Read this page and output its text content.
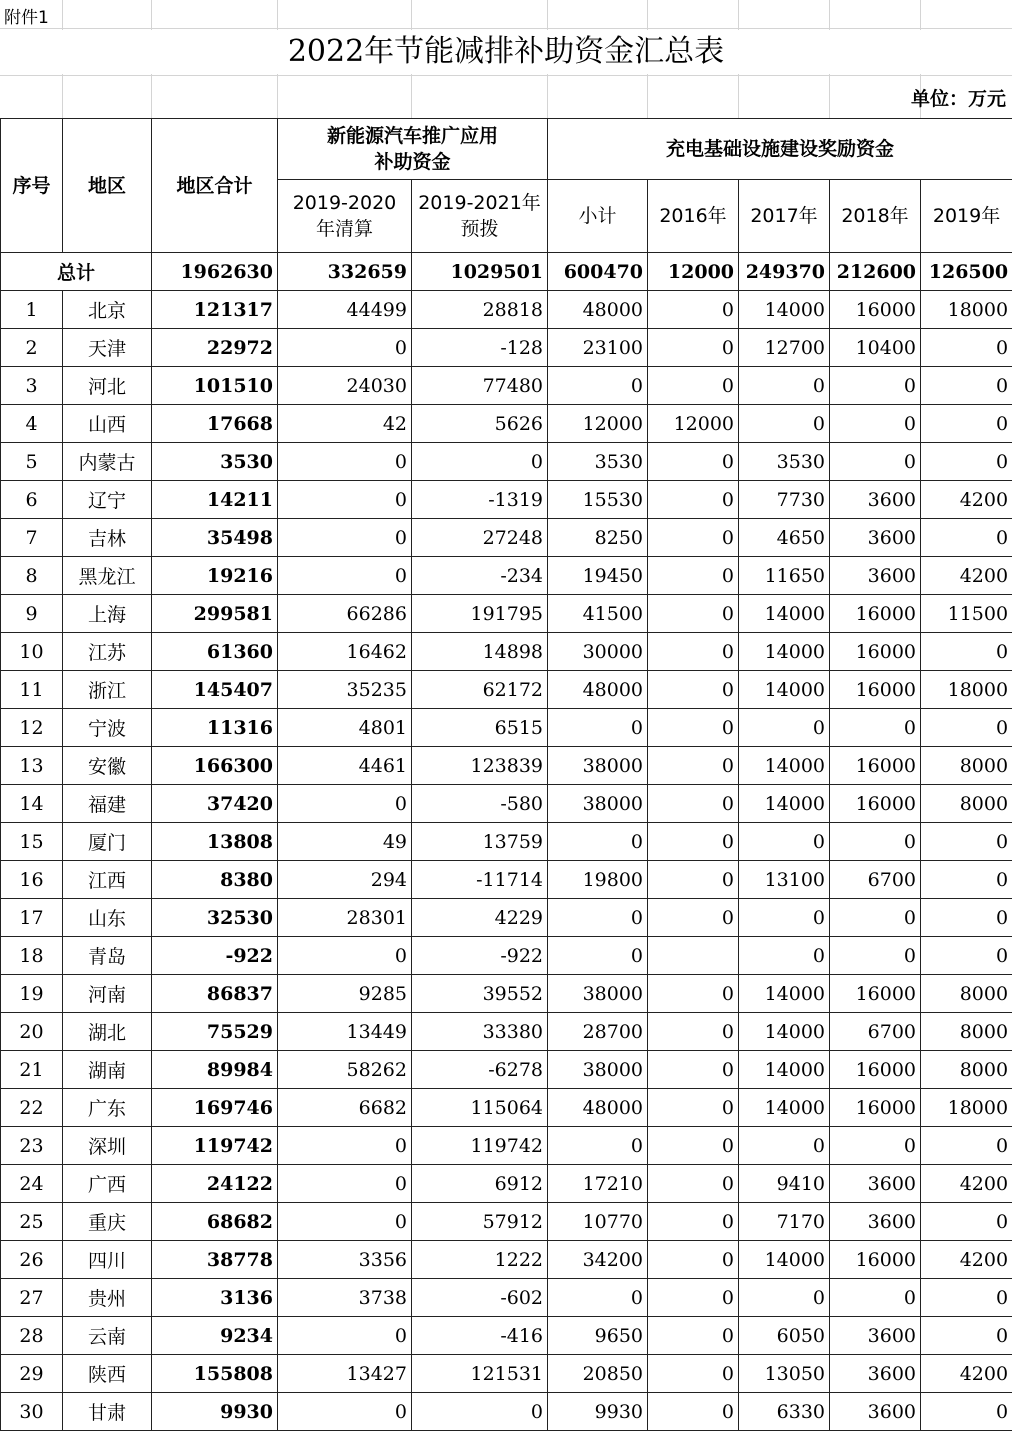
附件1
2022年节能减排补助资金汇总表
单位：万元
序号	地区	地区合计	新能源汽车推广应用补助资金		充电基础设施建设奖励资金				
			2019-2020年清算	2019-2021年预拨	小计	2016年	2017年	2018年	2019年
总计		1962630	332659	1029501	600470	12000	249370	212600	126500
1	北京	121317	44499	28818	48000	0	14000	16000	18000
2	天津	22972	0	-128	23100	0	12700	10400	0
3	河北	101510	24030	77480	0	0	0	0	0
4	山西	17668	42	5626	12000	12000	0	0	0
5	内蒙古	3530	0	0	3530	0	3530	0	0
6	辽宁	14211	0	-1319	15530	0	7730	3600	4200
7	吉林	35498	0	27248	8250	0	4650	3600	0
8	黑龙江	19216	0	-234	19450	0	11650	3600	4200
9	上海	299581	66286	191795	41500	0	14000	16000	11500
10	江苏	61360	16462	14898	30000	0	14000	16000	0
11	浙江	145407	35235	62172	48000	0	14000	16000	18000
12	宁波	11316	4801	6515	0	0	0	0	0
13	安徽	166300	4461	123839	38000	0	14000	16000	8000
14	福建	37420	0	-580	38000	0	14000	16000	8000
15	厦门	13808	49	13759	0	0	0	0	0
16	江西	8380	294	-11714	19800	0	13100	6700	0
17	山东	32530	28301	4229	0	0	0	0	0
18	青岛	-922	0	-922	0		0	0	0
19	河南	86837	9285	39552	38000	0	14000	16000	8000
20	湖北	75529	13449	33380	28700	0	14000	6700	8000
21	湖南	89984	58262	-6278	38000	0	14000	16000	8000
22	广东	169746	6682	115064	48000	0	14000	16000	18000
23	深圳	119742	0	119742	0	0	0	0	0
24	广西	24122	0	6912	17210	0	9410	3600	4200
25	重庆	68682	0	57912	10770	0	7170	3600	0
26	四川	38778	3356	1222	34200	0	14000	16000	4200
27	贵州	3136	3738	-602	0	0	0	0	0
28	云南	9234	0	-416	9650	0	6050	3600	0
29	陕西	155808	13427	121531	20850	0	13050	3600	4200
30	甘肃	9930	0	0	9930	0	6330	3600	0
